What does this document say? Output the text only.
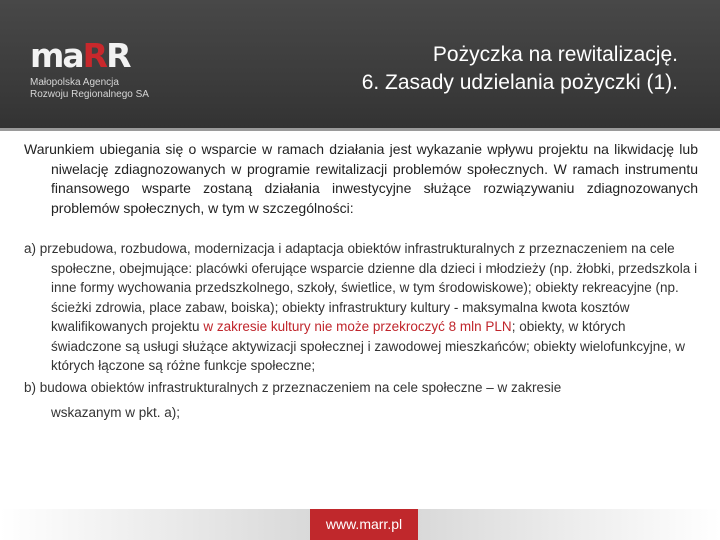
maRR
Małopolska Agencja
Rozwoju Regionalnego SA
Pożyczka na rewitalizację.
6. Zasady udzielania pożyczki (1).

Warunkiem ubiegania się o wsparcie w ramach działania jest wykazanie wpływu projektu na likwidację lub niwelację zdiagnozowanych w programie rewitalizacji problemów społecznych. W ramach instrumentu finansowego wsparte zostaną działania inwestycyjne służące rozwiązywaniu zdiagnozowanych problemów społecznych, w tym w szczególności:

a) przebudowa, rozbudowa, modernizacja i adaptacja obiektów infrastrukturalnych z przeznaczeniem na cele społeczne, obejmujące: placówki oferujące wsparcie dzienne dla dzieci i młodzieży (np. żłobki, przedszkola i inne formy wychowania przedszkolnego, szkoły, świetlice, w tym środowiskowe); obiekty rekreacyjne (np. ścieżki zdrowia, place zabaw, boiska); obiekty infrastruktury kultury - maksymalna kwota kosztów kwalifikowanych projektu w zakresie kultury nie może przekroczyć 8 mln PLN; obiekty, w których świadczone są usługi służące aktywizacji społecznej i zawodowej mieszkańców; obiekty wielofunkcyjne, w których łączone są różne funkcje społeczne;

b) budowa obiektów infrastrukturalnych z przeznaczeniem na cele społeczne – w zakresie
wskazanym w pkt. a);

www.marr.pl
